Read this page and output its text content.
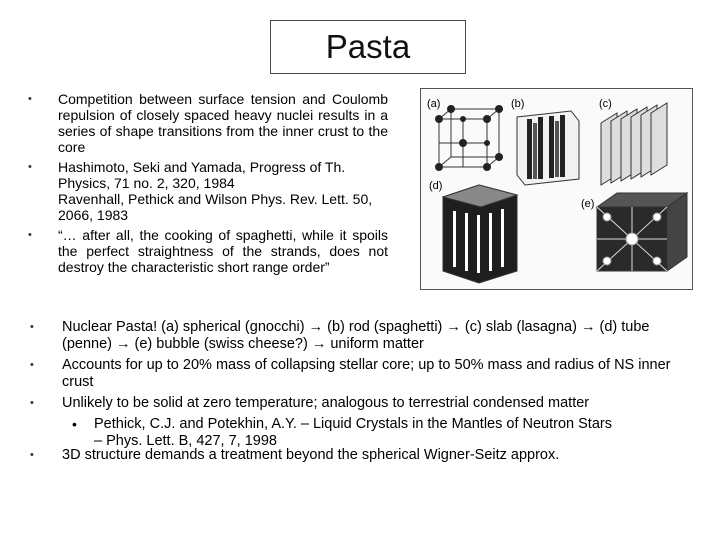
Pasta
• Competition between surface tension and Coulomb repulsion of closely spaced heavy nuclei results in a series of shape transitions from the inner crust to the core
• Hashimoto, Seki and Yamada, Progress of Th. Physics, 71 no. 2, 320, 1984
Ravenhall, Pethick and Wilson Phys. Rev. Lett. 50, 2066, 1983
• “… after all, the cooking of spaghetti, while it spoils the perfect straightness of the strands, does not destroy the characteristic short range order”
(a)	(b)	(c)
(d)
(e)
• Nuclear Pasta! (a) spherical (gnocchi) → (b) rod (spaghetti) → (c) slab (lasagna) → (d) tube (penne) → (e) bubble (swiss cheese?) → uniform matter
• Accounts for up to 20% mass of collapsing stellar core; up to 50% mass and radius of NS inner crust
• Unlikely to be solid at zero temperature; analogous to terrestrial condensed matter
• Pethick, C.J. and Potekhin, A.Y. – Liquid Crystals in the Mantles of Neutron Stars
– Phys. Lett. B, 427, 7, 1998
• 3D structure demands a treatment beyond the spherical Wigner-Seitz approx.
